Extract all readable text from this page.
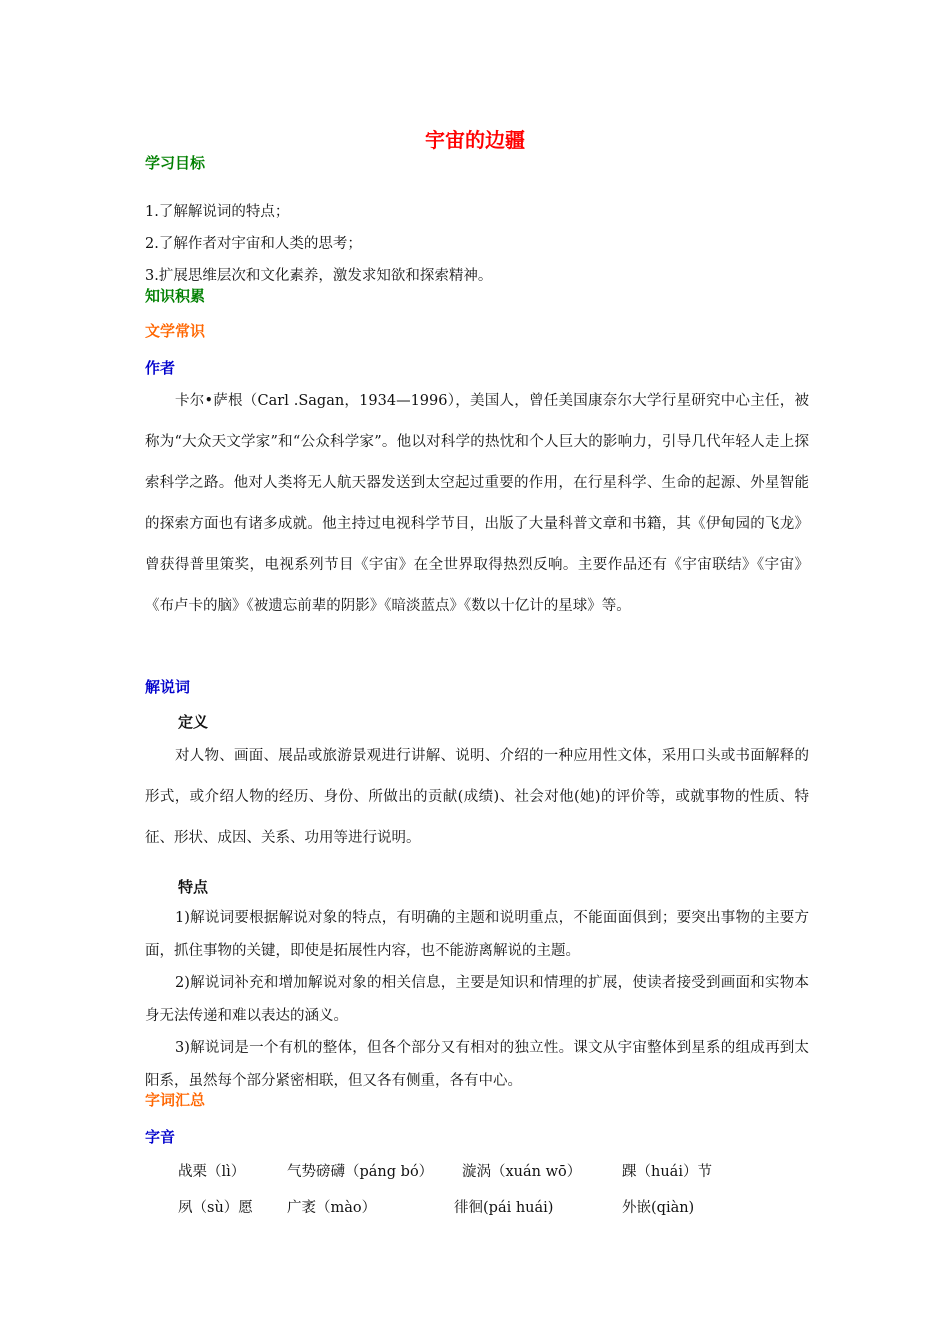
宇宙的边疆
学习目标
1.了解解说词的特点；
2.了解作者对宇宙和人类的思考；
3.扩展思维层次和文化素养，激发求知欲和探索精神。
知识积累
文学常识
作者
卡尔•萨根（Carl .Sagan，1934—1996），美国人，曾任美国康奈尔大学行星研究中心主任，被称为“大众天文学家”和“公众科学家”。他以对科学的热忱和个人巨大的影响力，引导几代年轻人走上探索科学之路。他对人类将无人航天器发送到太空起过重要的作用，在行星科学、生命的起源、外星智能的探索方面也有诸多成就。他主持过电视科学节目，出版了大量科普文章和书籍，其《伊甸园的飞龙》曾获得普里策奖，电视系列节目《宇宙》在全世界取得热烈反响。主要作品还有《宇宙联结》《宇宙》《布卢卡的脑》《被遗忘前辈的阴影》《暗淡蓝点》《数以十亿计的星球》等。
解说词
定义
对人物、画面、展品或旅游景观进行讲解、说明、介绍的一种应用性文体，采用口头或书面解释的形式，或介绍人物的经历、身份、所做出的贡献(成绩)、社会对他(她)的评价等，或就事物的性质、特征、形状、成因、关系、功用等进行说明。
特点
1)解说词要根据解说对象的特点，有明确的主题和说明重点，不能面面俱到；要突出事物的主要方面，抓住事物的关键，即使是拓展性内容，也不能游离解说的主题。
2)解说词补充和增加解说对象的相关信息，主要是知识和情理的扩展，使读者接受到画面和实物本身无法传递和难以表达的涵义。
3)解说词是一个有机的整体，但各个部分又有相对的独立性。课文从宇宙整体到星系的组成再到太阳系，虽然每个部分紧密相联，但又各有侧重，各有中心。
字词汇总
字音
战栗（lì）	气势磅礴（páng bó） 漩涡（xuán wō）	踝（huái）节
夙（sù）愿 广袤（mào）	徘徊(pái huái)	外嵌(qiàn)
